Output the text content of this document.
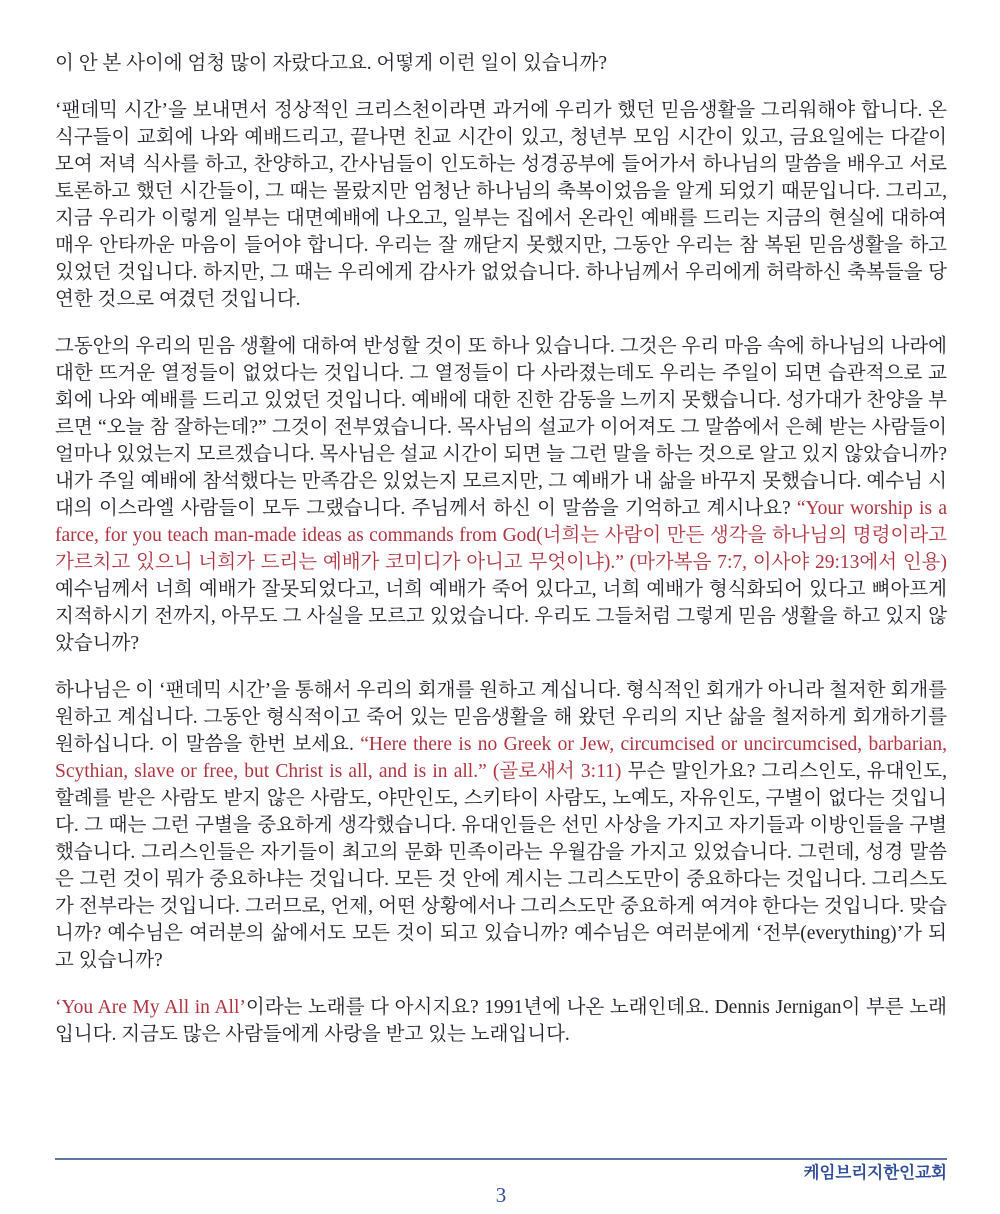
이 안 본 사이에 엄청 많이 자랐다고요. 어떻게 이런 일이 있습니까?

‘팬데믹 시간’을 보내면서 정상적인 크리스천이라면 과거에 우리가 했던 믿음생활을 그리워해야 합니다. 온 식구들이 교회에 나와 예배드리고, 끝나면 친교 시간이 있고, 청년부 모임 시간이 있고, 금요일에는 다같이 모여 저녁 식사를 하고, 찬양하고, 간사님들이 인도하는 성경공부에 들어가서 하나님의 말씀을 배우고 서로 토론하고 했던 시간들이, 그 때는 몰랐지만 엄청난 하나님의 축복이었음을 알게 되었기 때문입니다. 그리고, 지금 우리가 이렇게 일부는 대면예배에 나오고, 일부는 집에서 온라인 예배를 드리는 지금의 현실에 대하여 매우 안타까운 마음이 들어야 합니다. 우리는 잘 깨닫지 못했지만, 그동안 우리는 참 복된 믿음생활을 하고 있었던 것입니다. 하지만, 그 때는 우리에게 감사가 없었습니다. 하나님께서 우리에게 허락하신 축복들을 당연한 것으로 여겼던 것입니다.

그동안의 우리의 믿음 생활에 대하여 반성할 것이 또 하나 있습니다. 그것은 우리 마음 속에 하나님의 나라에 대한 뜨거운 열정들이 없었다는 것입니다. 그 열정들이 다 사라졌는데도 우리는 주일이 되면 습관적으로 교회에 나와 예배를 드리고 있었던 것입니다. 예배에 대한 진한 감동을 느끼지 못했습니다. 성가대가 찬양을 부르면 “오늘 참 잘하는데?” 그것이 전부였습니다. 목사님의 설교가 이어져도 그 말씀에서 은혜 받는 사람들이 얼마나 있었는지 모르겠습니다. 목사님은 설교 시간이 되면 늘 그런 말을 하는 것으로 알고 있지 않았습니까? 내가 주일 예배에 참석했다는 만족감은 있었는지 모르지만, 그 예배가 내 삶을 바꾸지 못했습니다. 예수님 시대의 이스라엘 사람들이 모두 그랬습니다. 주님께서 하신 이 말씀을 기억하고 계시나요? “Your worship is a farce, for you teach man-made ideas as commands from God(너희는 사람이 만든 생각을 하나님의 명령이라고 가르치고 있으니 너희가 드리는 예배가 코미디가 아니고 무엇이냐).” (마가복음 7:7, 이사야 29:13에서 인용) 예수님께서 너희 예배가 잘못되었다고, 너희 예배가 죽어 있다고, 너희 예배가 형식화되어 있다고 뼈아프게 지적하시기 전까지, 아무도 그 사실을 모르고 있었습니다. 우리도 그들처럼 그렇게 믿음 생활을 하고 있지 않았습니까?

하나님은 이 ‘팬데믹 시간’을 통해서 우리의 회개를 원하고 계십니다. 형식적인 회개가 아니라 철저한 회개를 원하고 계십니다. 그동안 형식적이고 죽어 있는 믿음생활을 해 왔던 우리의 지난 삶을 철저하게 회개하기를 원하십니다. 이 말씀을 한번 보세요. “Here there is no Greek or Jew, circumcised or uncircumcised, barbarian, Scythian, slave or free, but Christ is all, and is in all.” (골로새서 3:11) 무슨 말인가요? 그리스인도, 유대인도, 할례를 받은 사람도 받지 않은 사람도, 야만인도, 스키타이 사람도, 노예도, 자유인도, 구별이 없다는 것입니다. 그 때는 그런 구별을 중요하게 생각했습니다. 유대인들은 선민 사상을 가지고 자기들과 이방인들을 구별했습니다. 그리스인들은 자기들이 최고의 문화 민족이라는 우월감을 가지고 있었습니다. 그런데, 성경 말씀은 그런 것이 뭐가 중요하냐는 것입니다. 모든 것 안에 계시는 그리스도만이 중요하다는 것입니다. 그리스도가 전부라는 것입니다. 그러므로, 언제, 어떤 상황에서나 그리스도만 중요하게 여겨야 한다는 것입니다. 맞습니까? 예수님은 여러분의 삶에서도 모든 것이 되고 있습니까? 예수님은 여러분에게 ‘전부(everything)’가 되고 있습니까?

‘You Are My All in All’이라는 노래를 다 아시지요? 1991년에 나온 노래인데요. Dennis Jernigan이 부른 노래입니다. 지금도 많은 사람들에게 사랑을 받고 있는 노래입니다.

케임브리지한인교회
3
